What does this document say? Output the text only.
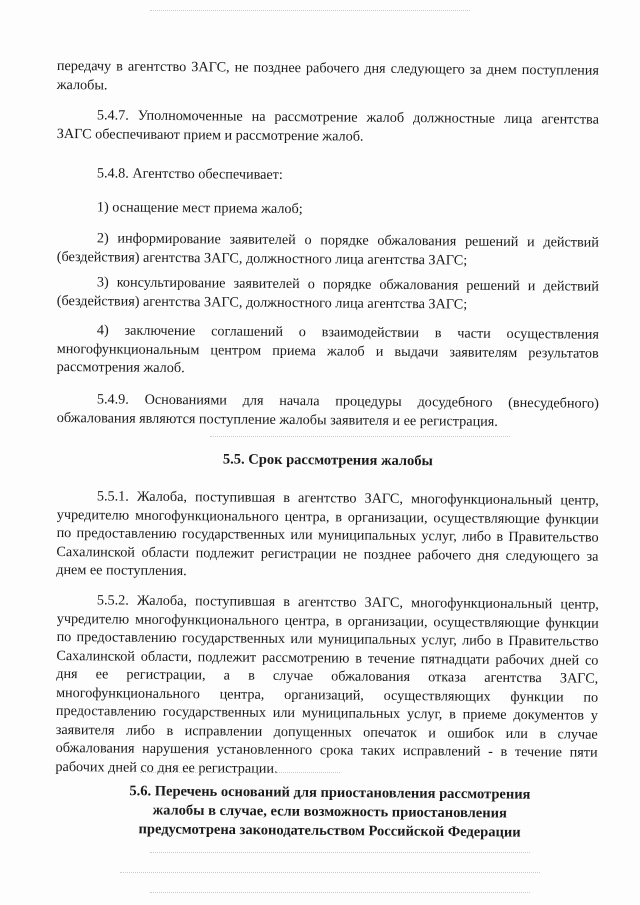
передачу в агентство ЗАГС, не позднее рабочего дня следующего за днем поступления жалобы.

5.4.7. Уполномоченные на рассмотрение жалоб должностные лица агентства ЗАГС обеспечивают прием и рассмотрение жалоб.

5.4.8. Агентство обеспечивает:

1) оснащение мест приема жалоб;

2) информирование заявителей о порядке обжалования решений и действий (бездействия) агентства ЗАГС, должностного лица агентства ЗАГС;

3) консультирование заявителей о порядке обжалования решений и действий (бездействия) агентства ЗАГС, должностного лица агентства ЗАГС;

4) заключение соглашений о взаимодействии в части осуществления многофункциональным центром приема жалоб и выдачи заявителям результатов рассмотрения жалоб.

5.4.9. Основаниями для начала процедуры досудебного (внесудебного) обжалования являются поступление жалобы заявителя и ее регистрация.

5.5. Срок рассмотрения жалобы

5.5.1. Жалоба, поступившая в агентство ЗАГС, многофункциональный центр, учредителю многофункционального центра, в организации, осуществляющие функции по предоставлению государственных или муниципальных услуг, либо в Правительство Сахалинской области подлежит регистрации не позднее рабочего дня следующего за днем ее поступления.

5.5.2. Жалоба, поступившая в агентство ЗАГС, многофункциональный центр, учредителю многофункционального центра, в организации, осуществляющие функции по предоставлению государственных или муниципальных услуг, либо в Правительство Сахалинской области, подлежит рассмотрению в течение пятнадцати рабочих дней со дня ее регистрации, а в случае обжалования отказа агентства ЗАГС, многофункционального центра, организаций, осуществляющих функции по предоставлению государственных или муниципальных услуг, в приеме документов у заявителя либо в исправлении допущенных опечаток и ошибок или в случае обжалования нарушения установленного срока таких исправлений - в течение пяти рабочих дней со дня ее регистрации.

5.6. Перечень оснований для приостановления рассмотрения жалобы в случае, если возможность приостановления предусмотрена законодательством Российской Федерации
